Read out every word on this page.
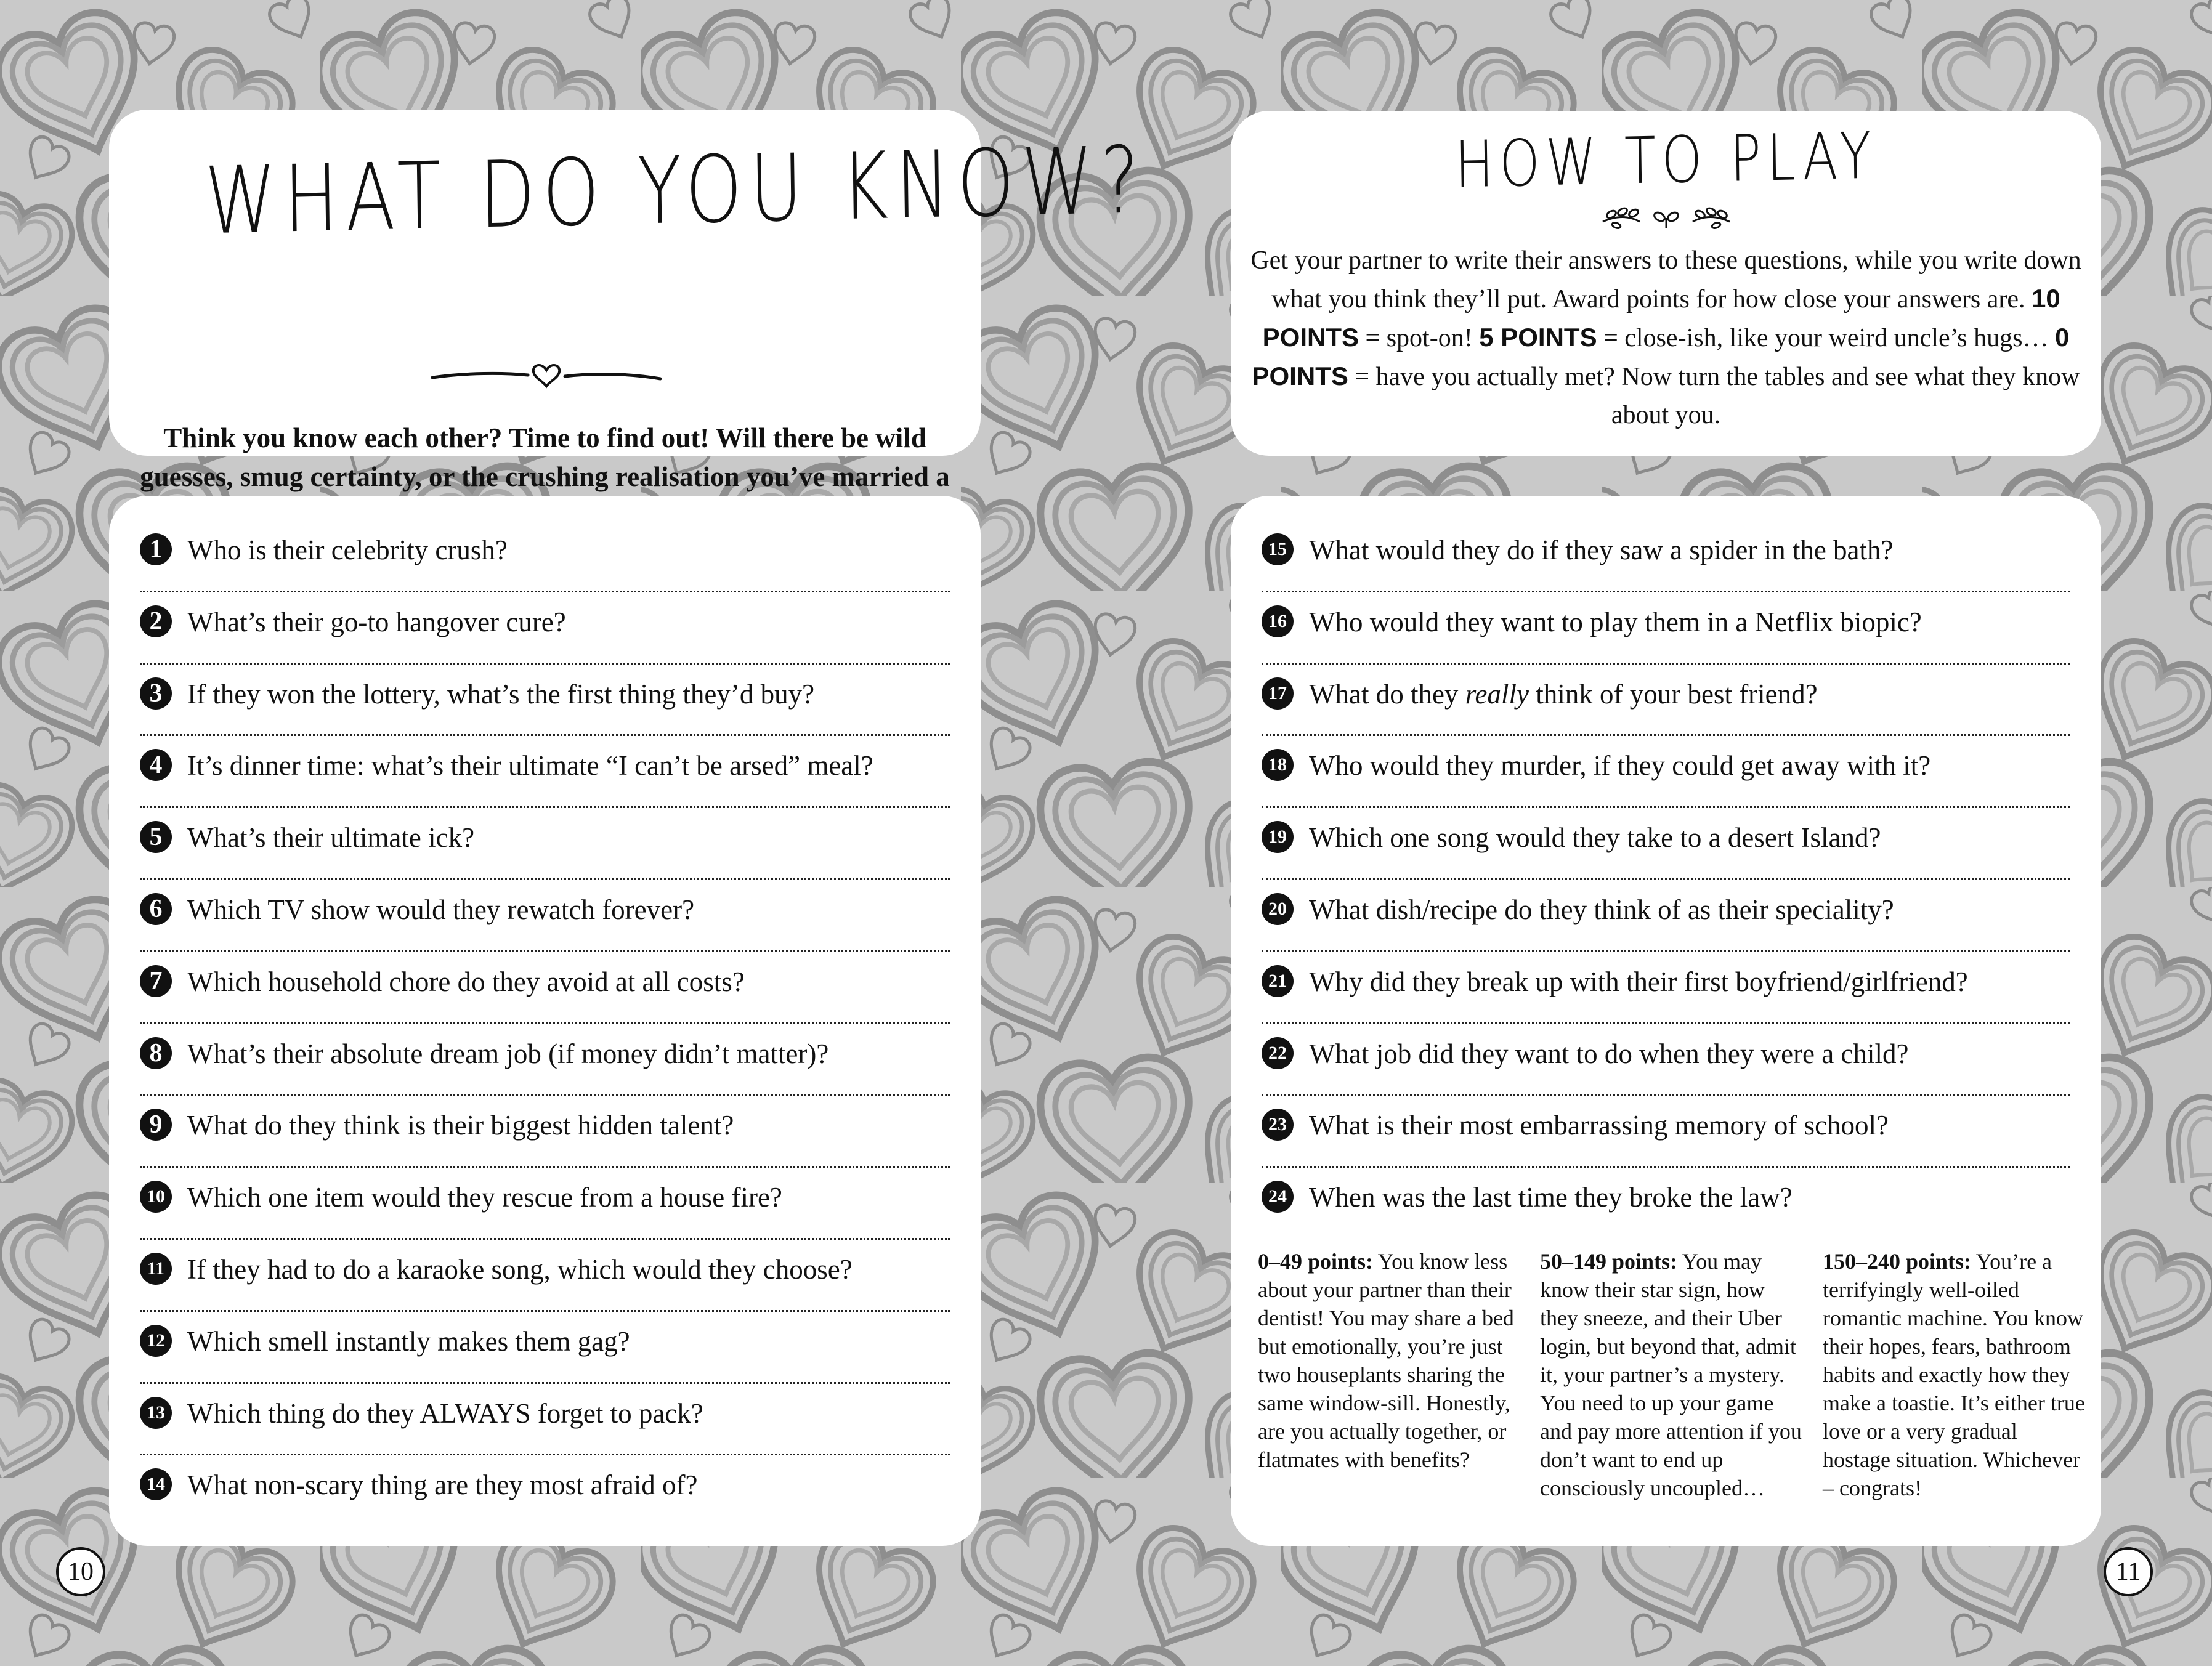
WHAT DO YOU KNOW?
Think you know each other? Time to find out! Will there be wild guesses, smug certainty, or the crushing realisation you’ve married a
HOW TO PLAY
Get your partner to write their answers to these questions, while you write down what you think they’ll put. Award points for how close your answers are. 10 POINTS = spot-on! 5 POINTS = close-ish, like your weird uncle’s hugs… 0 POINTS = have you actually met? Now turn the tables and see what they know about you.
1 Who is their celebrity crush?
2 What’s their go-to hangover cure?
3 If they won the lottery, what’s the first thing they’d buy?
4 It’s dinner time: what’s their ultimate “I can’t be arsed” meal?
5 What’s their ultimate ick?
6 Which TV show would they rewatch forever?
7 Which household chore do they avoid at all costs?
8 What’s their absolute dream job (if money didn’t matter)?
9 What do they think is their biggest hidden talent?
10 Which one item would they rescue from a house fire?
11 If they had to do a karaoke song, which would they choose?
12 Which smell instantly makes them gag?
13 Which thing do they ALWAYS forget to pack?
14 What non-scary thing are they most afraid of?
15 What would they do if they saw a spider in the bath?
16 Who would they want to play them in a Netflix biopic?
17 What do they really think of your best friend?
18 Who would they murder, if they could get away with it?
19 Which one song would they take to a desert Island?
20 What dish/recipe do they think of as their speciality?
21 Why did they break up with their first boyfriend/girlfriend?
22 What job did they want to do when they were a child?
23 What is their most embarrassing memory of school?
24 When was the last time they broke the law?
0–49 points: You know less about your partner than their dentist! You may share a bed but emotionally, you’re just two houseplants sharing the same window-sill. Honestly, are you actually together, or flatmates with benefits?
50–149 points: You may know their star sign, how they sneeze, and their Uber login, but beyond that, admit it, your partner’s a mystery. You need to up your game and pay more attention if you don’t want to end up consciously uncoupled…
150–240 points: You’re a terrifyingly well-oiled romantic machine. You know their hopes, fears, bathroom habits and exactly how they make a toastie. It’s either true love or a very gradual hostage situation. Whichever – congrats!
10	11
